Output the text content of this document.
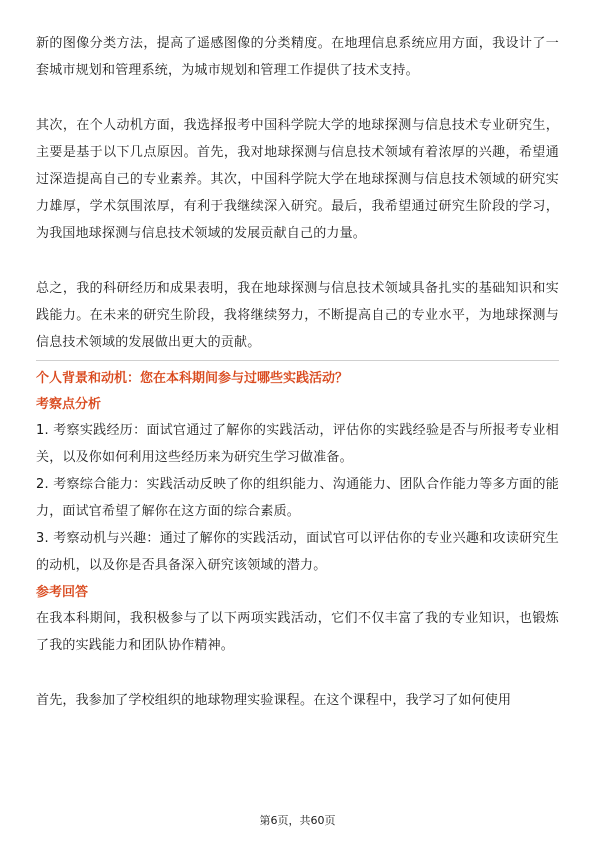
新的图像分类方法，提高了遥感图像的分类精度。在地理信息系统应用方面，我设计了一套城市规划和管理系统，为城市规划和管理工作提供了技术支持。

其次，在个人动机方面，我选择报考中国科学院大学的地球探测与信息技术专业研究生，主要是基于以下几点原因。首先，我对地球探测与信息技术领域有着浓厚的兴趣，希望通过深造提高自己的专业素养。其次，中国科学院大学在地球探测与信息技术领域的研究实力雄厚，学术氛围浓厚，有利于我继续深入研究。最后，我希望通过研究生阶段的学习，为我国地球探测与信息技术领域的发展贡献自己的力量。

总之，我的科研经历和成果表明，我在地球探测与信息技术领域具备扎实的基础知识和实践能力。在未来的研究生阶段，我将继续努力，不断提高自己的专业水平，为地球探测与信息技术领域的发展做出更大的贡献。

个人背景和动机：您在本科期间参与过哪些实践活动？

考察点分析

1. 考察实践经历：面试官通过了解你的实践活动，评估你的实践经验是否与所报考专业相关，以及你如何利用这些经历来为研究生学习做准备。

2. 考察综合能力：实践活动反映了你的组织能力、沟通能力、团队合作能力等多方面的能力，面试官希望了解你在这方面的综合素质。

3. 考察动机与兴趣：通过了解你的实践活动，面试官可以评估你的专业兴趣和攻读研究生的动机，以及你是否具备深入研究该领域的潜力。

参考回答

在我本科期间，我积极参与了以下两项实践活动，它们不仅丰富了我的专业知识，也锻炼了我的实践能力和团队协作精神。

首先，我参加了学校组织的地球物理实验课程。在这个课程中，我学习了如何使用

第6页，共60页
